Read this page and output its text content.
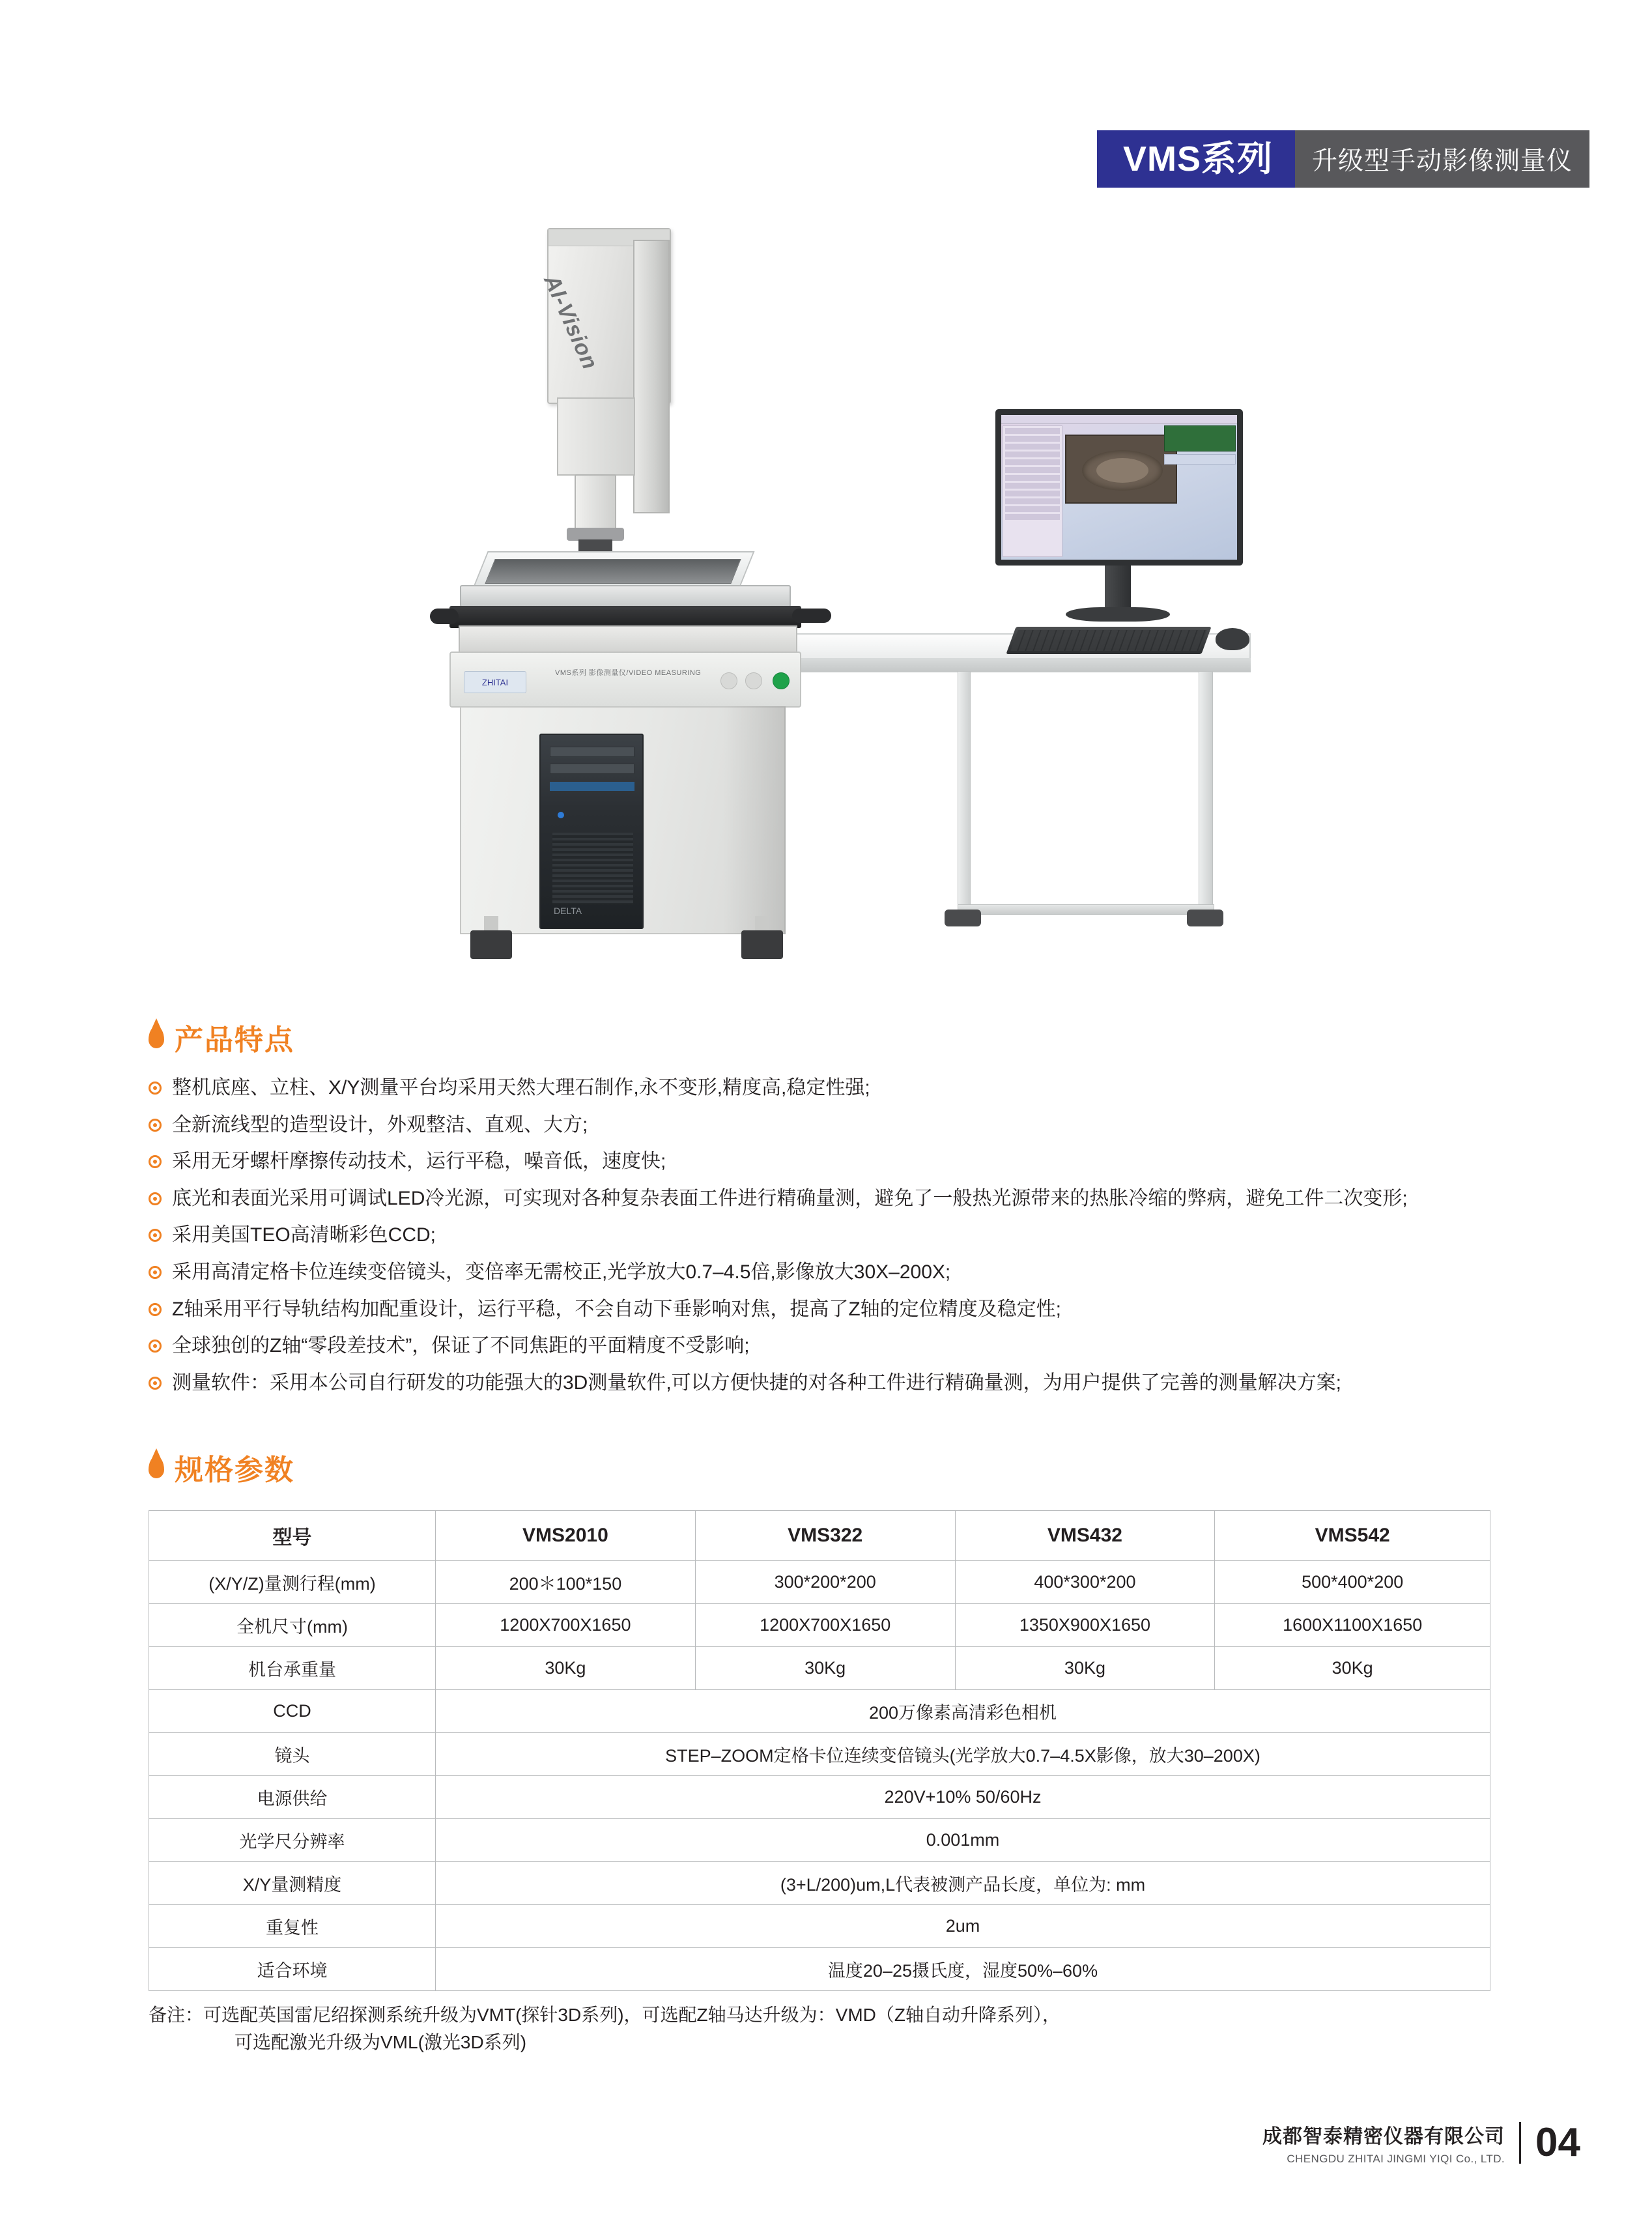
VMS系列	升级型手动影像测量仪
AI-Vision
ZHITAI
VMS系列 影像测量仪/VIDEO MEASURING
DELTA
产品特点
整机底座、立柱、X/Y测量平台均采用天然大理石制作,永不变形,精度高,稳定性强;
全新流线型的造型设计，外观整洁、直观、大方;
采用无牙螺杆摩擦传动技术，运行平稳，噪音低，速度快;
底光和表面光采用可调试LED冷光源，可实现对各种复杂表面工件进行精确量测，避免了一般热光源带来的热胀冷缩的弊病，避免工件二次变形;
采用美国TEO高清晰彩色CCD;
采用高清定格卡位连续变倍镜头，变倍率无需校正,光学放大0.7–4.5倍,影像放大30X–200X;
Z轴采用平行导轨结构加配重设计，运行平稳，不会自动下垂影响对焦，提高了Z轴的定位精度及稳定性;
全球独创的Z轴“零段差技术”，保证了不同焦距的平面精度不受影响;
测量软件：采用本公司自行研发的功能强大的3D测量软件,可以方便快捷的对各种工件进行精确量测，为用户提供了完善的测量解决方案;
规格参数
型号	VMS2010	VMS322	VMS432	VMS542
(X/Y/Z)量测行程(mm)	200＊100*150	300*200*200	400*300*200	500*400*200
全机尺寸(mm)	1200X700X1650	1200X700X1650	1350X900X1650	1600X1100X1650
机台承重量	30Kg	30Kg	30Kg	30Kg
CCD	200万像素高清彩色相机			
镜头	STEP–ZOOM定格卡位连续变倍镜头(光学放大0.7–4.5X影像，放大30–200X)			
电源供给	220V+10% 50/60Hz			
光学尺分辨率	0.001mm			
X/Y量测精度	(3+L/200)um,L代表被测产品长度，单位为: mm			
重复性	2um			
适合环境	温度20–25摄氏度，湿度50%–60%			
备注：可选配英国雷尼绍探测系统升级为VMT(探针3D系列)，可选配Z轴马达升级为：VMD（Z轴自动升降系列），
可选配激光升级为VML(激光3D系列)
成都智泰精密仪器有限公司
CHENGDU ZHITAI JINGMI YIQI Co., LTD. 04
